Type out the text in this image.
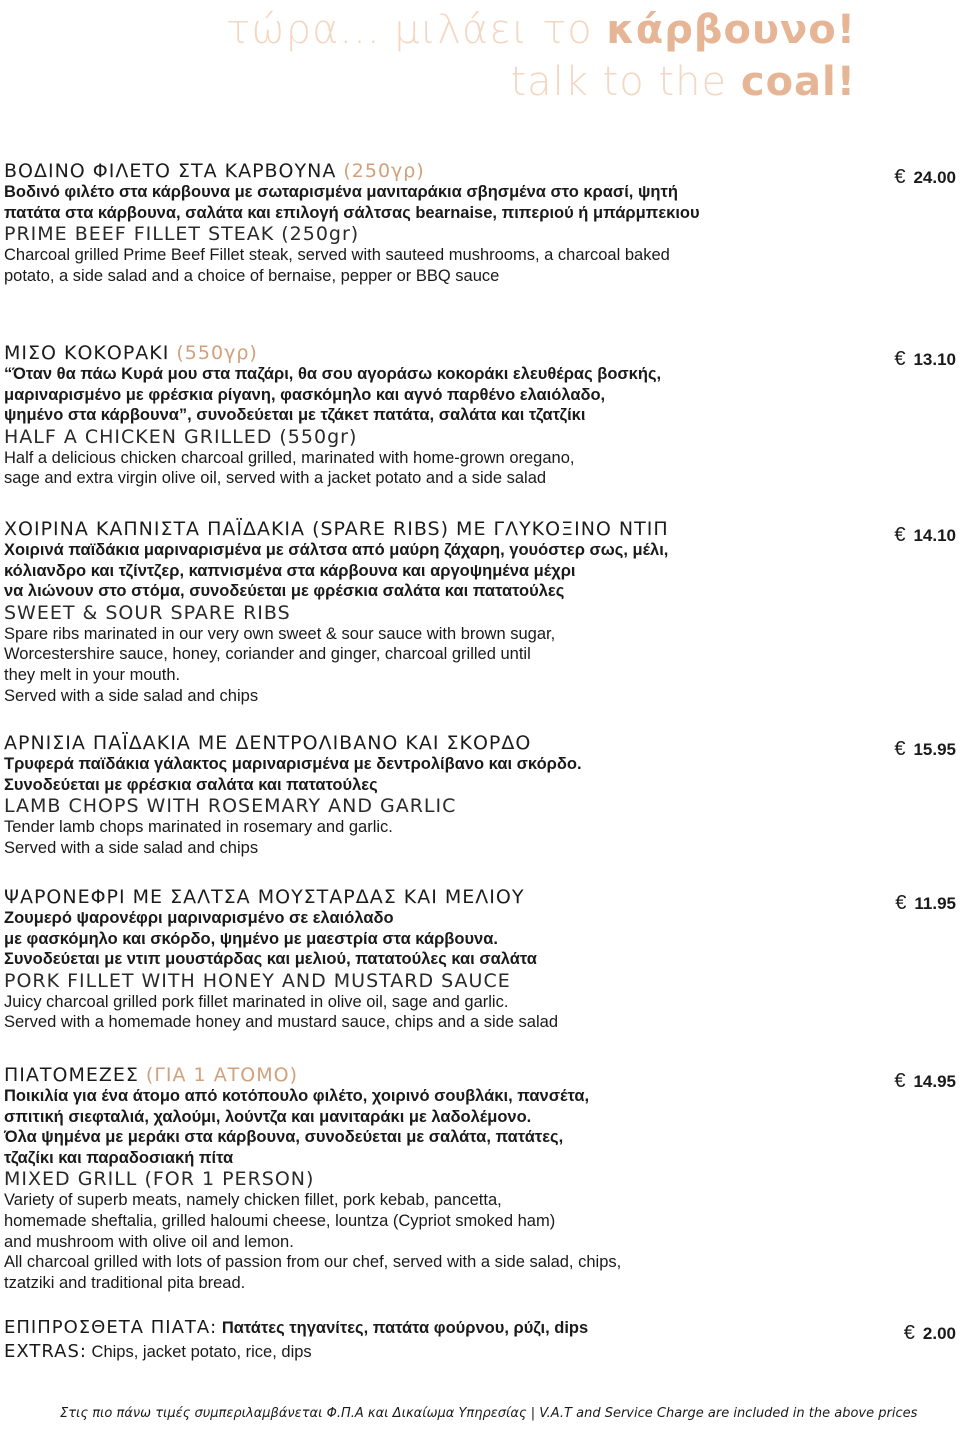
τώρα... μιλάει το κάρβουνο!
talk to the coal!
ΒΟΔΙΝΟ ΦΙΛΕΤΟ ΣΤΑ ΚΑΡΒΟΥΝΑ (250γρ)
Βοδινό φιλέτο στα κάρβουνα με σωταρισμένα μανιταράκια σβησμένα στο κρασί, ψητή
πατάτα στα κάρβουνα, σαλάτα και επιλογή σάλτσας bearnaise, πιπεριού ή μπάρμπεκιου
PRIME BEEF FILLET STEAK (250gr)
Charcoal grilled Prime Beef Fillet steak, served with sauteed mushrooms, a charcoal baked
potato, a side salad and a choice of bernaise, pepper or BBQ sauce
€ 24.00
ΜΙΣΟ ΚΟΚΟΡΑΚΙ (550γρ)
“Όταν θα πάω Κυρά μου στα παζάρι, θα σου αγοράσω κοκοράκι ελευθέρας βοσκής,
μαριναρισμένο με φρέσκια ρίγανη, φασκόμηλο και αγνό παρθένο ελαιόλαδο,
ψημένο στα κάρβουνα”, συνοδεύεται με τζάκετ πατάτα, σαλάτα και τζατζίκι
HALF A CHICKEN GRILLED (550gr)
Half a delicious chicken charcoal grilled, marinated with home-grown oregano,
sage and extra virgin olive oil, served with a jacket potato and a side salad
€ 13.10
ΧΟΙΡΙΝΑ ΚΑΠΝΙΣΤΑ ΠΑΪΔΑΚΙΑ (SPARE RIBS) ΜΕ ΓΛΥΚΟΞΙΝΟ ΝΤΙΠ
Χοιρινά παϊδάκια μαριναρισμένα με σάλτσα από μαύρη ζάχαρη, γουόστερ σως, μέλι,
κόλιανδρο και τζίντζερ, καπνισμένα στα κάρβουνα και αργοψημένα μέχρι
να λιώνουν στο στόμα, συνοδεύεται με φρέσκια σαλάτα και πατατούλες
SWEET & SOUR SPARE RIBS
Spare ribs marinated in our very own sweet & sour sauce with brown sugar,
Worcestershire sauce, honey, coriander and ginger, charcoal grilled until
they melt in your mouth.
Served with a side salad and chips
€ 14.10
ΑΡΝΙΣΙΑ ΠΑΪΔΑΚΙΑ ΜΕ ΔΕΝΤΡΟΛΙΒΑΝΟ ΚΑΙ ΣΚΟΡΔΟ
Τρυφερά παϊδάκια γάλακτος μαριναρισμένα με δεντρολίβανο και σκόρδο.
Συνοδεύεται με φρέσκια σαλάτα και πατατούλες
LAMB CHOPS WITH ROSEMARY AND GARLIC
Tender lamb chops marinated in rosemary and garlic.
Served with a side salad and chips
€ 15.95
ΨΑΡΟΝΕΦΡΙ ΜΕ ΣΑΛΤΣΑ ΜΟΥΣΤΑΡΔΑΣ ΚΑΙ ΜΕΛΙΟΥ
Ζουμερό ψαρονέφρι μαριναρισμένο σε ελαιόλαδο
με φασκόμηλο και σκόρδο, ψημένο με μαεστρία στα κάρβουνα.
Συνοδεύεται με ντιπ μουστάρδας και μελιού, πατατούλες και σαλάτα
PORK FILLET WITH HONEY AND MUSTARD SAUCE
Juicy charcoal grilled pork fillet marinated in olive oil, sage and garlic.
Served with a homemade honey and mustard sauce, chips and a side salad
€ 11.95
ΠΙΑΤΟΜΕΖΕΣ (ΓΙΑ 1 ΑΤΟΜΟ)
Ποικιλία για ένα άτομο από κοτόπουλο φιλέτο, χοιρινό σουβλάκι, πανσέτα,
σπιτική σιεφταλιά, χαλούμι, λούντζα και μανιταράκι με λαδολέμονο.
Όλα ψημένα με μεράκι στα κάρβουνα, συνοδεύεται με σαλάτα, πατάτες,
τζαζίκι και παραδοσιακή πίτα
MIXED GRILL (FOR 1 PERSON)
Variety of superb meats, namely chicken fillet, pork kebab, pancetta,
homemade sheftalia, grilled haloumi cheese, lountza (Cypriot smoked ham)
and mushroom with olive oil and lemon.
All charcoal grilled with lots of passion from our chef, served with a side salad, chips,
tzatziki and traditional pita bread.
€ 14.95
ΕΠΙΠΡΟΣΘΕΤΑ ΠΙΑΤΑ: Πατάτες τηγανίτες, πατάτα φούρνου, ρύζι, dips
EXTRAS: Chips, jacket potato, rice, dips
€ 2.00
Στις πιο πάνω τιμές συμπεριλαμβάνεται Φ.Π.Α και Δικαίωμα Υπηρεσίας | V.A.T and Service Charge are included in the above prices
